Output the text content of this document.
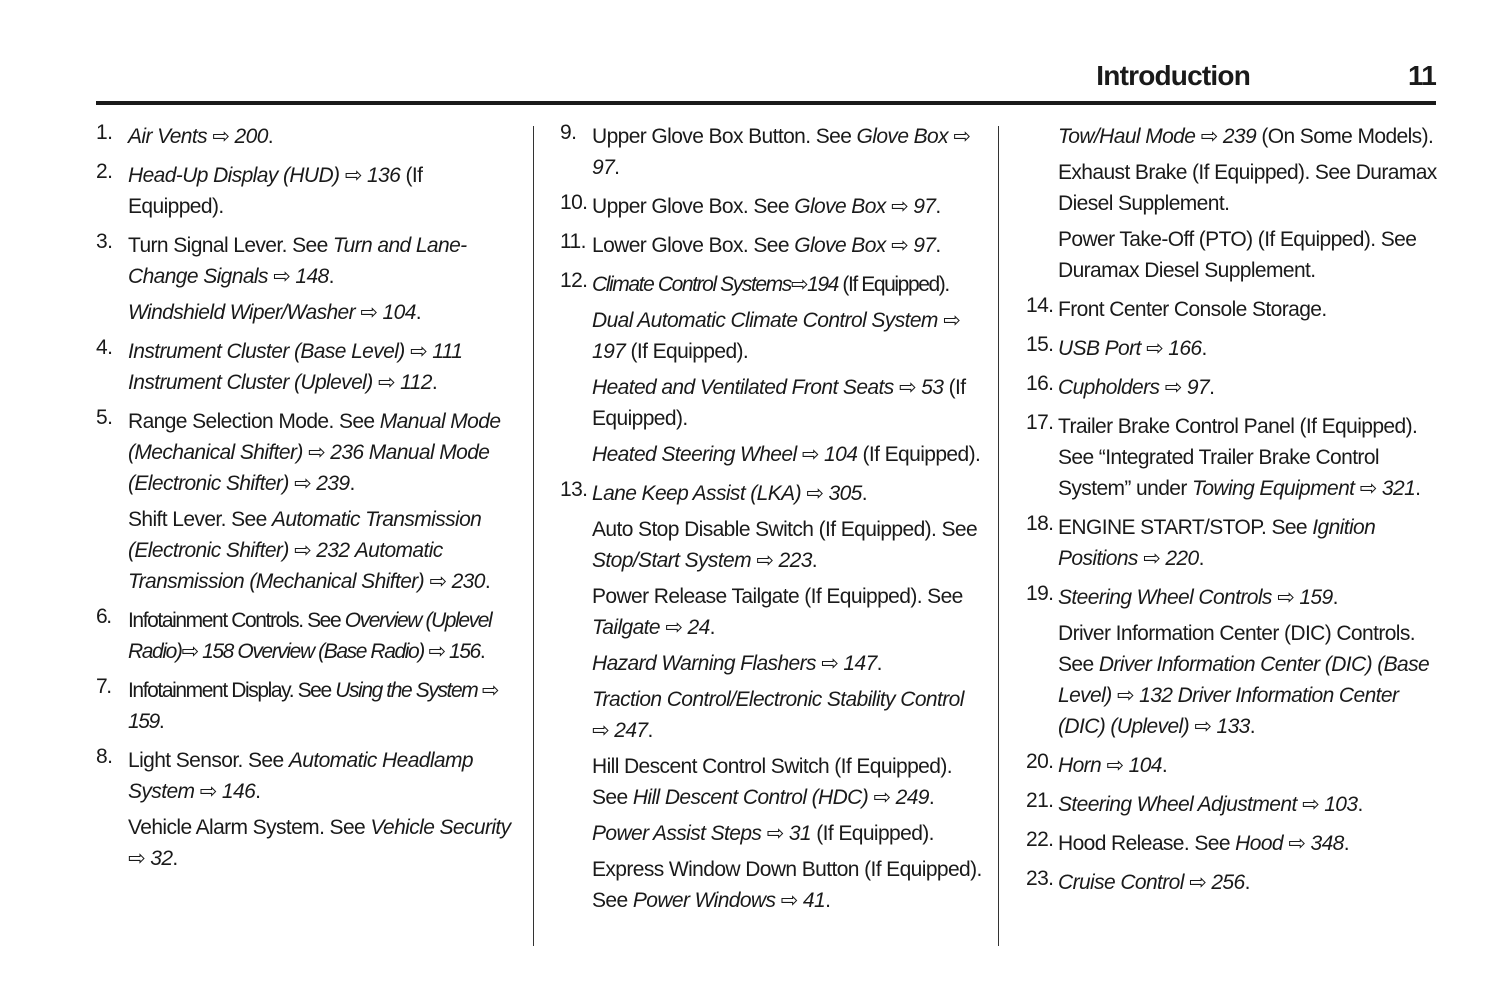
Introduction	11
1. Air Vents ⇨ 200.

2. Head-Up Display (HUD) ⇨ 136 (If Equipped).

3. Turn Signal Lever. See Turn and Lane-Change Signals ⇨ 148.

Windshield Wiper/Washer ⇨ 104.

4. Instrument Cluster (Base Level) ⇨ 111 Instrument Cluster (Uplevel) ⇨ 112.

5. Range Selection Mode. See Manual Mode (Mechanical Shifter) ⇨ 236 Manual Mode (Electronic Shifter) ⇨ 239.

Shift Lever. See Automatic Transmission (Electronic Shifter) ⇨ 232 Automatic Transmission (Mechanical Shifter) ⇨ 230.

6. Infotainment Controls. See Overview (Uplevel Radio)⇨ 158 Overview (Base Radio) ⇨ 156.

7. Infotainment Display. See Using the System ⇨ 159.

8. Light Sensor. See Automatic Headlamp System ⇨ 146.

Vehicle Alarm System. See Vehicle Security ⇨ 32.

9. Upper Glove Box Button. See Glove Box ⇨ 97.

10. Upper Glove Box. See Glove Box ⇨ 97.

11. Lower Glove Box. See Glove Box ⇨ 97.

12. Climate Control Systems⇨194 (If Equipped).

Dual Automatic Climate Control System ⇨ 197 (If Equipped).

Heated and Ventilated Front Seats ⇨ 53 (If Equipped).

Heated Steering Wheel ⇨ 104 (If Equipped).

13. Lane Keep Assist (LKA) ⇨ 305.

Auto Stop Disable Switch (If Equipped). See Stop/Start System ⇨ 223.

Power Release Tailgate (If Equipped). See Tailgate ⇨ 24.

Hazard Warning Flashers ⇨ 147.

Traction Control/Electronic Stability Control ⇨ 247.

Hill Descent Control Switch (If Equipped). See Hill Descent Control (HDC) ⇨ 249.

Power Assist Steps ⇨ 31 (If Equipped).

Express Window Down Button (If Equipped). See Power Windows ⇨ 41.

Tow/Haul Mode ⇨ 239 (On Some Models).

Exhaust Brake (If Equipped). See Duramax Diesel Supplement.

Power Take-Off (PTO) (If Equipped). See Duramax Diesel Supplement.

14. Front Center Console Storage.

15. USB Port ⇨ 166.

16. Cupholders ⇨ 97.

17. Trailer Brake Control Panel (If Equipped). See “Integrated Trailer Brake Control System” under Towing Equipment ⇨ 321.

18. ENGINE START/STOP. See Ignition Positions ⇨ 220.

19. Steering Wheel Controls ⇨ 159.

Driver Information Center (DIC) Controls. See Driver Information Center (DIC) (Base Level) ⇨ 132 Driver Information Center (DIC) (Uplevel) ⇨ 133.

20. Horn ⇨ 104.

21. Steering Wheel Adjustment ⇨ 103.

22. Hood Release. See Hood ⇨ 348.

23. Cruise Control ⇨ 256.
